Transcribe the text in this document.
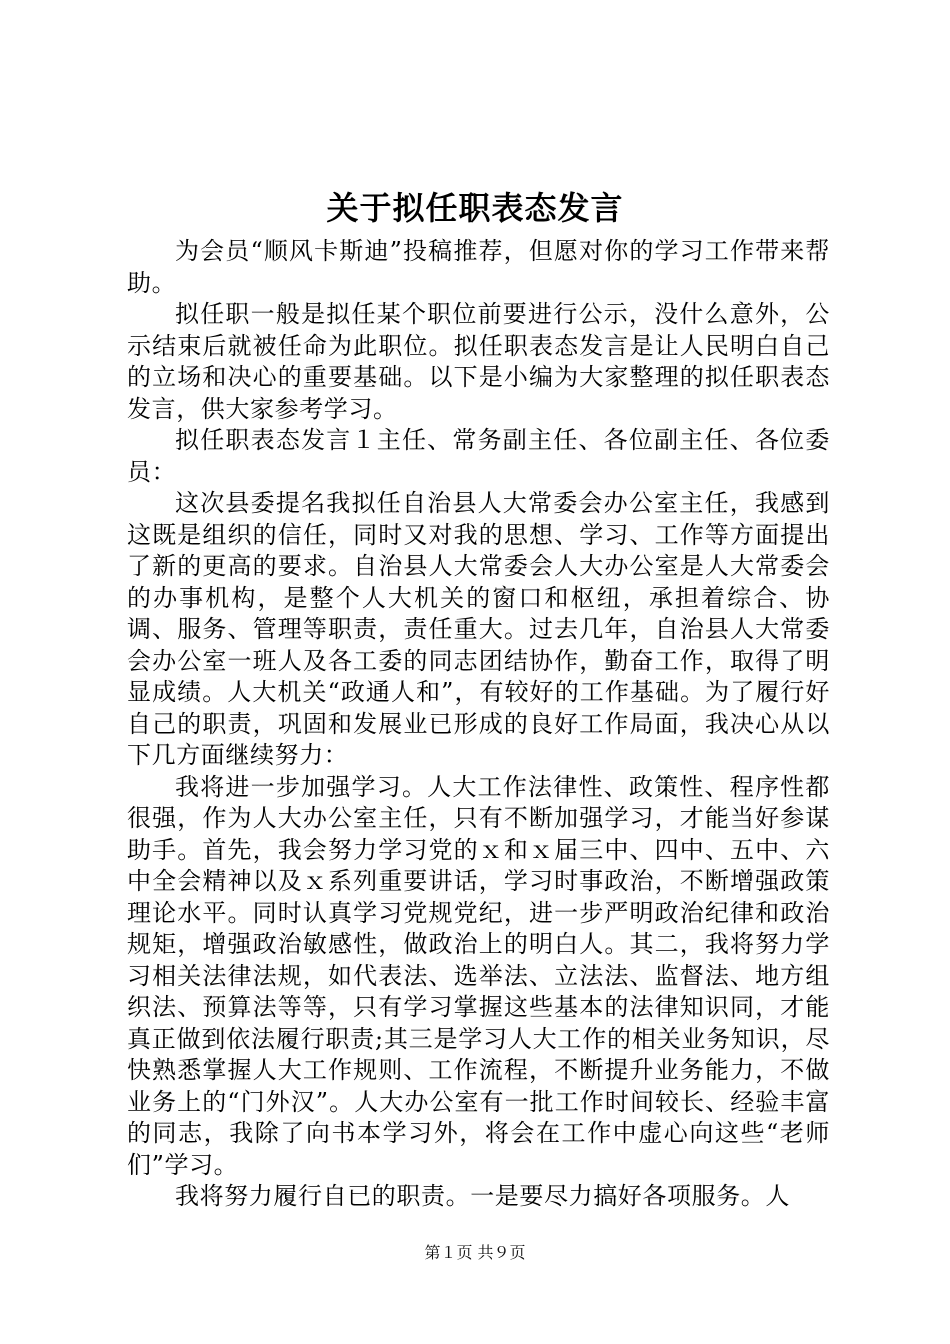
关于拟任职表态发言

为会员“顺风卡斯迪”投稿推荐，但愿对你的学习工作带来帮助。

拟任职一般是拟任某个职位前要进行公示，没什么意外，公示结束后就被任命为此职位。拟任职表态发言是让人民明白自己的立场和决心的重要基础。以下是小编为大家整理的拟任职表态发言，供大家参考学习。

拟任职表态发言１主任、常务副主任、各位副主任、各位委员：

这次县委提名我拟任自治县人大常委会办公室主任，我感到这既是组织的信任，同时又对我的思想、学习、工作等方面提出了新的更高的要求。自治县人大常委会人大办公室是人大常委会的办事机构，是整个人大机关的窗口和枢纽，承担着综合、协调、服务、管理等职责，责任重大。过去几年，自治县人大常委会办公室一班人及各工委的同志团结协作，勤奋工作，取得了明显成绩。人大机关“政通人和”，有较好的工作基础。为了履行好自己的职责，巩固和发展业已形成的良好工作局面，我决心从以下几方面继续努力：

我将进一步加强学习。人大工作法律性、政策性、程序性都很强，作为人大办公室主任，只有不断加强学习，才能当好参谋助手。首先，我会努力学习党的ｘ和ｘ届三中、四中、五中、六中全会精神以及ｘ系列重要讲话，学习时事政治，不断增强政策理论水平。同时认真学习党规党纪，进一步严明政治纪律和政治规矩，增强政治敏感性，做政治上的明白人。其二，我将努力学习相关法律法规，如代表法、选举法、立法法、监督法、地方组织法、预算法等等，只有学习掌握这些基本的法律知识同，才能真正做到依法履行职责;其三是学习人大工作的相关业务知识，尽快熟悉掌握人大工作规则、工作流程，不断提升业务能力，不做业务上的“门外汉”。人大办公室有一批工作时间较长、经验丰富的同志，我除了向书本学习外，将会在工作中虚心向这些“老师们”学习。

我将努力履行自已的职责。一是要尽力搞好各项服务。人

第１页 共９页
